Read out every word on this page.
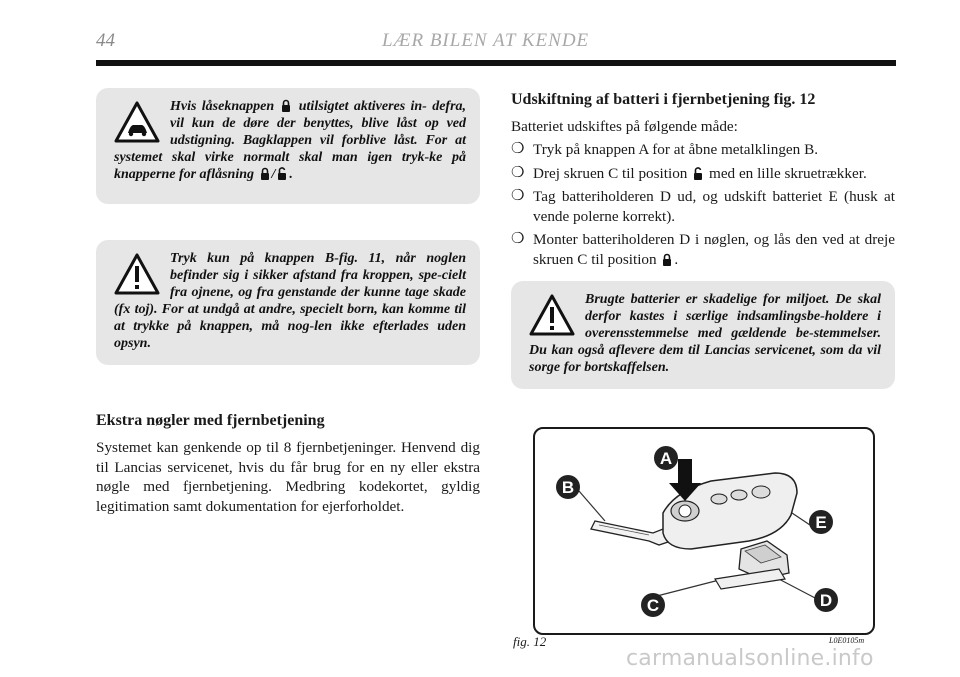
44	LÆR BILEN AT KENDE

Hvis låseknappen  utilsigtet aktiveres in- defra, vil kun de døre der benyttes, blive låst op ved udstigning. Bagklappen vil forblive låst. For at systemet skal virke normalt skal man igen tryk-ke på knapperne for aflåsning / .

Tryk kun på knappen B-fig. 11, når noglen befinder sig i sikker afstand fra kroppen, spe-cielt fra ojnene, og fra genstande der kunne tage skade (fx toj). For at undgå at andre, specielt born, kan komme til at trykke på knappen, må nog-len ikke efterlades uden opsyn.

Ekstra nøgler med fjernbetjening

Systemet kan genkende op til 8 fjernbetjeninger. Henvend dig til Lancias servicenet, hvis du får brug for en ny eller ekstra nøgle med fjernbetjening. Medbring kodekortet, gyldig legitimation samt dokumentation for ejerforholdet.

Udskiftning af batteri i fjernbetjening fig. 12

Batteriet udskiftes på følgende måde:

❍ Tryk på knappen A for at åbne metalklingen B.
❍ Drej skruen C til position  med en lille skruetrækker.
❍ Tag batteriholderen D ud, og udskift batteriet E (husk at vende polerne korrekt).
❍ Monter batteriholderen D i nøglen, og lås den ved at dreje skruen C til position .

Brugte batterier er skadelige for miljoet. De skal derfor kastes i særlige indsamlingsbe-holdere i overensstemmelse med gældende be-stemmelser. Du kan også aflevere dem til Lancias servicenet, som da vil sorge for bortskaffelsen.

A
B
E
C	D
fig. 12	L0E0105m
carmanualsonline.info
